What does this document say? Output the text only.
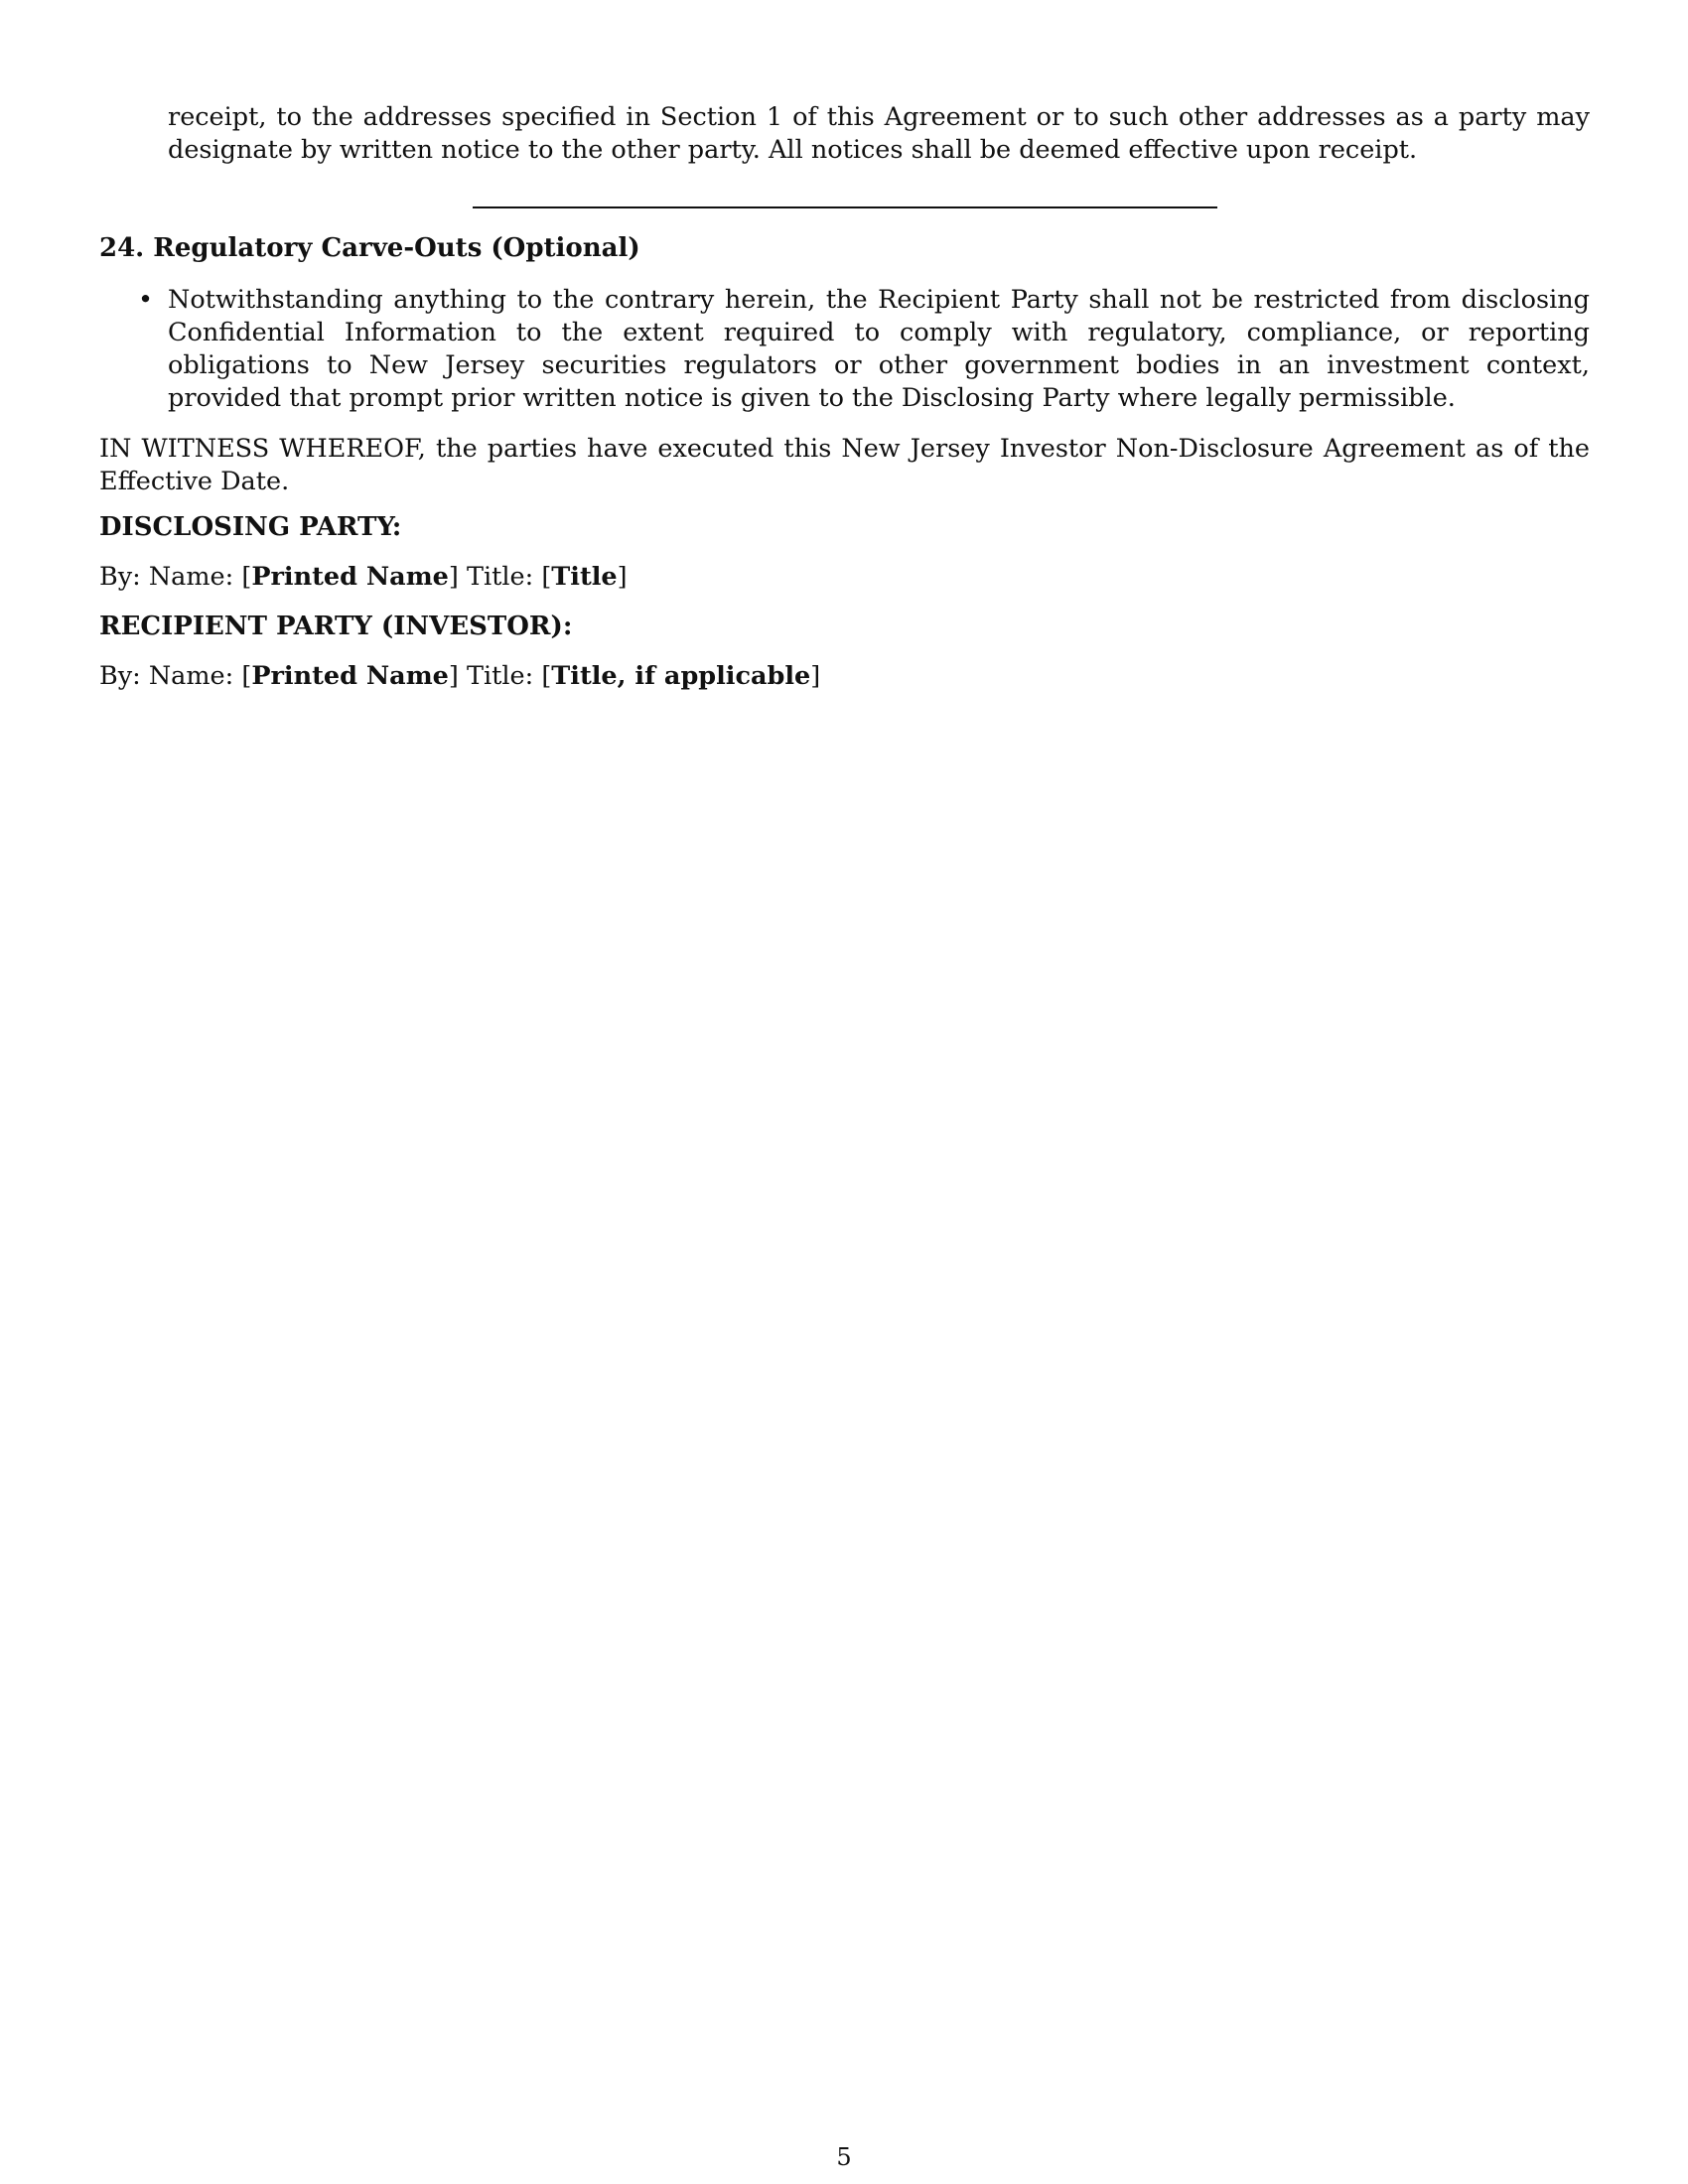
receipt, to the addresses specified in Section 1 of this Agreement or to such other addresses as a party may designate by written notice to the other party. All notices shall be deemed effective upon receipt.

24. Regulatory Carve-Outs (Optional)
• Notwithstanding anything to the contrary herein, the Recipient Party shall not be restricted from disclosing Confidential Information to the extent required to comply with regulatory, compliance, or reporting obligations to New Jersey securities regulators or other government bodies in an investment context, provided that prompt prior written notice is given to the Disclosing Party where legally permissible.

IN WITNESS WHEREOF, the parties have executed this New Jersey Investor Non-Disclosure Agreement as of the Effective Date.

DISCLOSING PARTY:

By: Name: [Printed Name] Title: [Title]

RECIPIENT PARTY (INVESTOR):

By: Name: [Printed Name] Title: [Title, if applicable]

5
